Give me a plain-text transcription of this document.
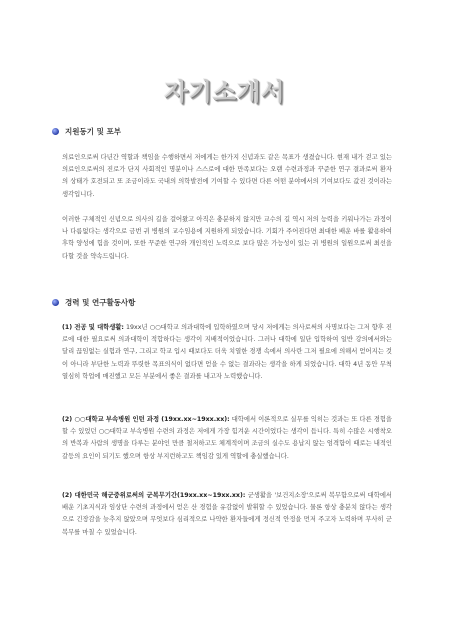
자기소개서
지원동기 및 포부

의료인으로써 다년간 역할과 책임을 수행하면서 저에게는 한가지 신념과도 같은 목표가 생겼습니다. 현재 내가 걷고 있는 의료인으로써의 진로가 단지 사회적인 명분이나 스스로에 대한 만족보다는 오랜 수련과정과 꾸준한 연구 결과로써 환자의 상태가 호전되고 또 조금이라도 국내의 의학발전에 기여할 수 있다면 다른 어떤 분야에서의 기여보다도 값진 것이라는 생각입니다.

이러한 구체적인 신념으로 의사의 길을 걸어왔고 아직은 충분하지 않지만 교수의 길 역시 저의 능력을 키워나가는 과정이나 다름없다는 생각으로 금번 귀 병원의 교수임용에 지원하게 되었습니다. 기회가 주어진다면 최대한 배운 바를 활용하여 후학 양성에 힘을 것이며, 또한 꾸준한 연구와 개인적인 노력으로 보다 많은 가능성이 있는 귀 병원의 일원으로써 최선을 다할 것을 약속드립니다.

경력 및 연구활동사항

(1) 전공 및 대학생활: 19xx년 ○○대학교 의과대학에 입학하였으며 당시 저에게는 의사로써의 사명보다는 그저 향후 진로에 대한 필요로써 의과대학이 적합하다는 생각이 지배적이었습니다. 그러나 대학에 일단 입학하여 일반 강의에서와는 달리 끊임없는 실험과 연구, 그리고 학교 입시 때보다도 더욱 치열한 경쟁 속에서 의사란 그저 필요에 의해서 얻어지는 것이 아니라 부단한 노력과 뚜렷한 목표의식이 없다면 얻을 수 없는 결과라는 생각을 하게 되었습니다. 대학 4년 동안 무척 열심히 학업에 매진했고 모든 부분에서 좋은 결과를 내고자 노력했습니다.

(2) ○○대학교 부속병원 인턴 과정 (19xx.xx~19xx.xx): 대학에서 이론적으로 실무를 익히는 것과는 또 다른 경험을 할 수 있었던 ○○대학교 부속병원 수련의 과정은 저에게 가장 힘겨운 시간이었다는 생각이 듭니다. 특히 수많은 시행착오의 반복과 사람의 생명을 다루는 분야인 만큼 철저하고도 체계적이며 조금의 실수도 용납지 않는 엄격함이 때로는 내적인 갈등의 요인이 되기도 했으며 항상 부지런하고도 책임감 있게 역할에 충실했습니다.

(2) 대한민국 해군중위로써의 군복무기간(19xx.xx~19xx.xx): 군생활을 '보건지소장'으로써 복무함으로써 대학에서 배운 기초지식과 임상단 수련의 과정에서 얻은 산 경험을 유감없이 발휘할 수 있었습니다. 물론 항상 충분치 않다는 생각으로 긴장감을 늦추지 않았으며 무엇보다 심리적으로 나약한 환자들에게 정신적 안정을 먼저 주고자 노력하며 무사히 군복무를 마칠 수 있었습니다.
